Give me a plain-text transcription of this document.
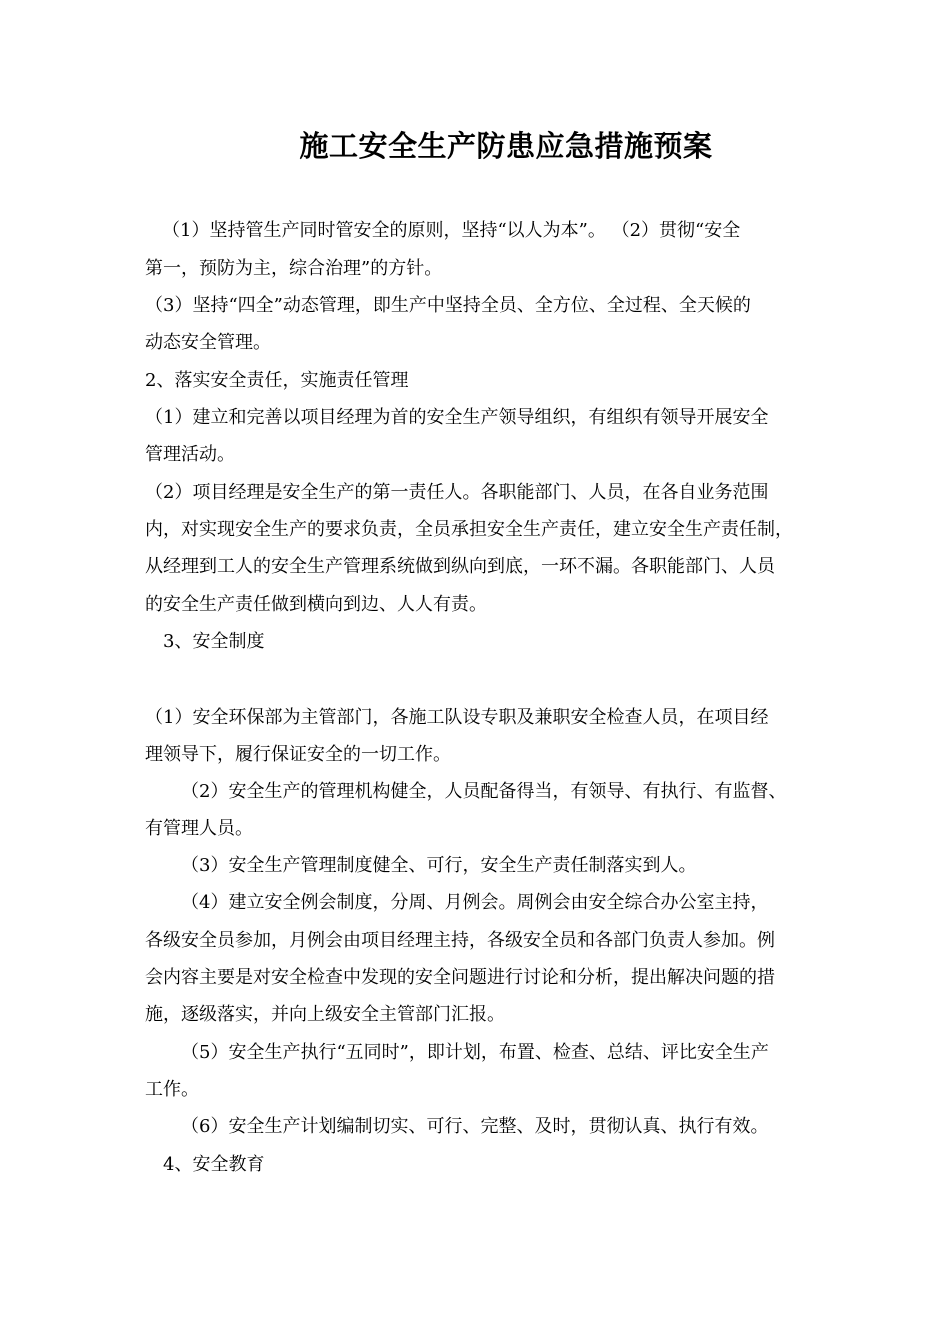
施工安全生产防患应急措施预案
（1）坚持管生产同时管安全的原则，坚持“以人为本”。 （2）贯彻“安全
第一，预防为主，综合治理”的方针。
（3）坚持“四全”动态管理，即生产中坚持全员、全方位、全过程、全天候的
动态安全管理。
2、落实安全责任，实施责任管理
（1）建立和完善以项目经理为首的安全生产领导组织，有组织有领导开展安全
管理活动。
（2）项目经理是安全生产的第一责任人。各职能部门、人员，在各自业务范围
内，对实现安全生产的要求负责，全员承担安全生产责任，建立安全生产责任制，
从经理到工人的安全生产管理系统做到纵向到底，一环不漏。各职能部门、人员
的安全生产责任做到横向到边、人人有责。
3、安全制度
（1）安全环保部为主管部门，各施工队设专职及兼职安全检查人员，在项目经
理领导下，履行保证安全的一切工作。
（2）安全生产的管理机构健全，人员配备得当，有领导、有执行、有监督、
有管理人员。
（3）安全生产管理制度健全、可行，安全生产责任制落实到人。
（4）建立安全例会制度，分周、月例会。周例会由安全综合办公室主持，
各级安全员参加，月例会由项目经理主持，各级安全员和各部门负责人参加。例
会内容主要是对安全检查中发现的安全问题进行讨论和分析，提出解决问题的措
施，逐级落实，并向上级安全主管部门汇报。
（5）安全生产执行“五同时”，即计划，布置、检查、总结、评比安全生产
工作。
（6）安全生产计划编制切实、可行、完整、及时，贯彻认真、执行有效。
4、安全教育
